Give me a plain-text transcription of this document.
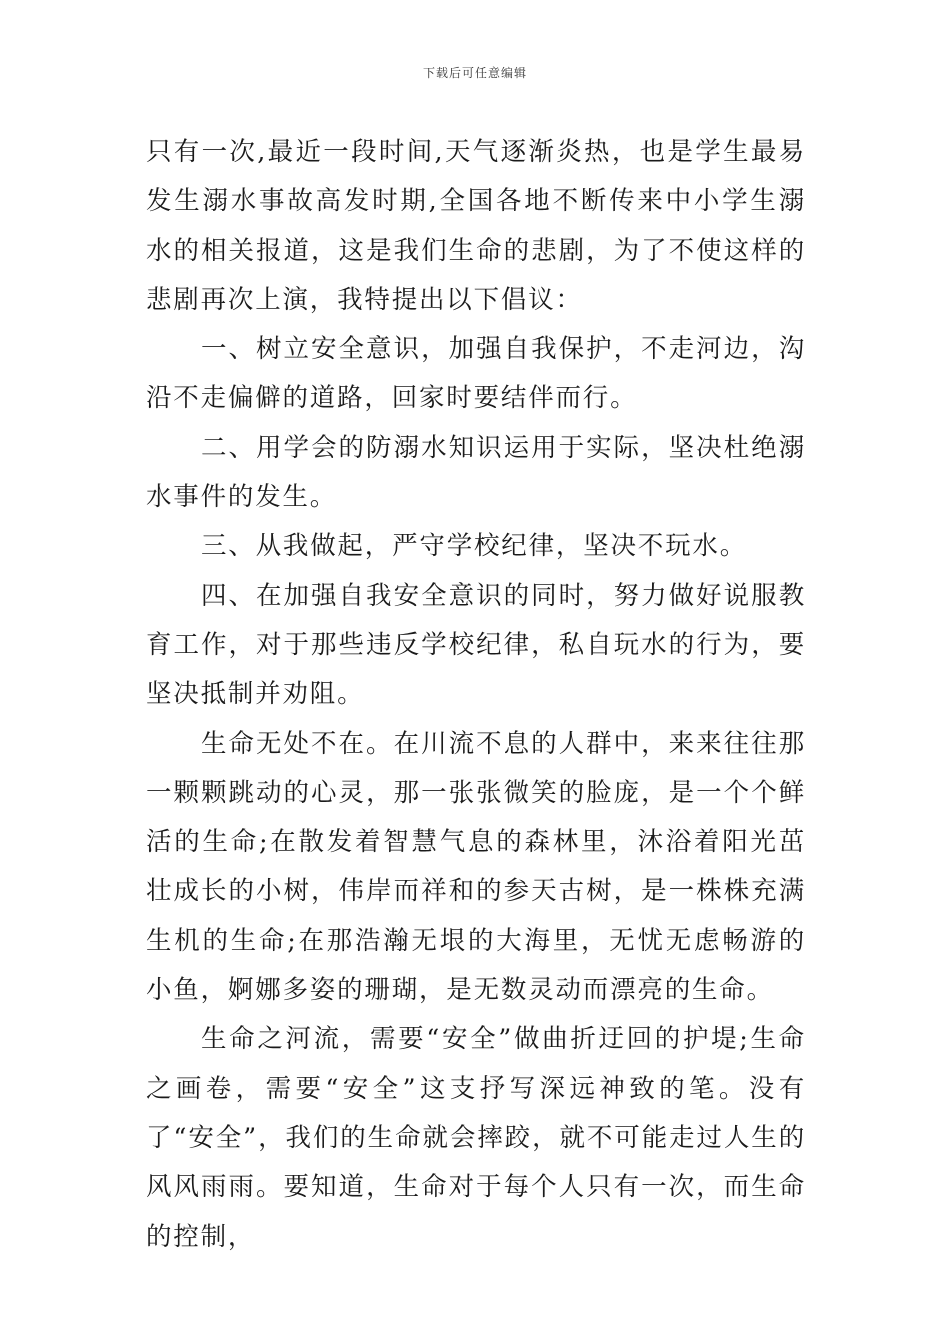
下载后可任意编辑

只有一次,最近一段时间,天气逐渐炎热，也是学生最易发生溺水事故高发时期,全国各地不断传来中小学生溺水的相关报道，这是我们生命的悲剧，为了不使这样的悲剧再次上演，我特提出以下倡议：

一、树立安全意识，加强自我保护，不走河边，沟沿不走偏僻的道路，回家时要结伴而行。

二、用学会的防溺水知识运用于实际，坚决杜绝溺水事件的发生。

三、从我做起，严守学校纪律，坚决不玩水。

四、在加强自我安全意识的同时，努力做好说服教育工作，对于那些违反学校纪律，私自玩水的行为，要坚决抵制并劝阻。

生命无处不在。在川流不息的人群中，来来往往那一颗颗跳动的心灵，那一张张微笑的脸庞，是一个个鲜活的生命;在散发着智慧气息的森林里，沐浴着阳光茁壮成长的小树，伟岸而祥和的参天古树，是一株株充满生机的生命;在那浩瀚无垠的大海里，无忧无虑畅游的小鱼，婀娜多姿的珊瑚，是无数灵动而漂亮的生命。

生命之河流，需要“安全”做曲折迂回的护堤;生命之画卷，需要“安全”这支抒写深远神致的笔。没有了“安全”，我们的生命就会摔跤，就不可能走过人生的风风雨雨。要知道，生命对于每个人只有一次，而生命的控制，
